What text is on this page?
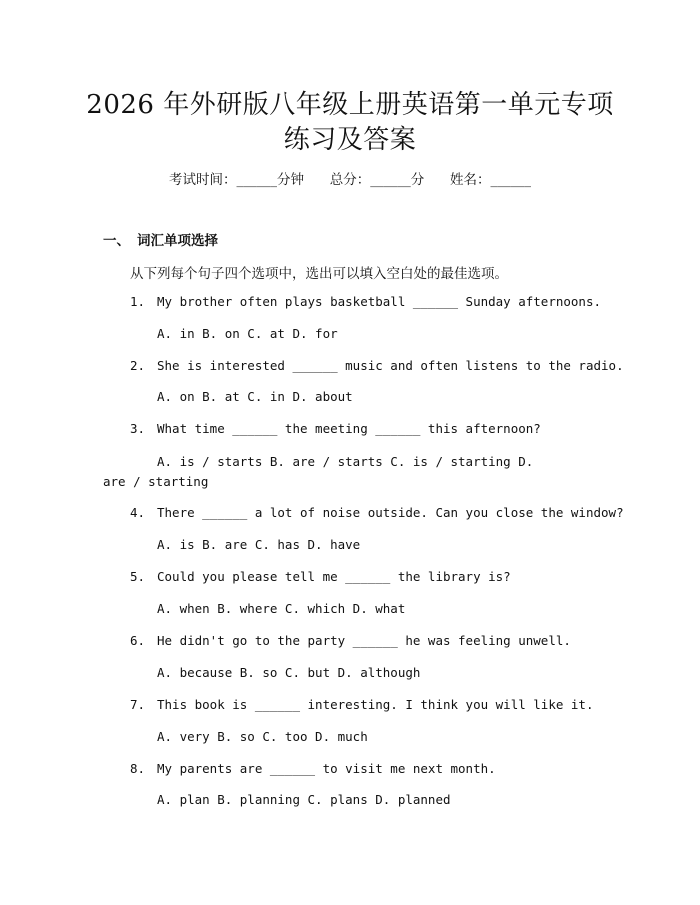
2026 年外研版八年级上册英语第一单元专项
练习及答案
考试时间：______分钟      总分：______分      姓名：______
一、 词汇单项选择
从下列每个句子四个选项中，选出可以填入空白处的最佳选项。
1. My brother often plays basketball ______ Sunday afternoons.
A. in B. on C. at D. for
2. She is interested ______ music and often listens to the radio.
A. on B. at C. in D. about
3. What time ______ the meeting ______ this afternoon?
A. is / starts B. are / starts C. is / starting D. are / starting
4. There ______ a lot of noise outside. Can you close the window?
A. is B. are C. has D. have
5. Could you please tell me ______ the library is?
A. when B. where C. which D. what
6. He didn't go to the party ______ he was feeling unwell.
A. because B. so C. but D. although
7. This book is ______ interesting. I think you will like it.
A. very B. so C. too D. much
8. My parents are ______ to visit me next month.
A. plan B. planning C. plans D. planned
